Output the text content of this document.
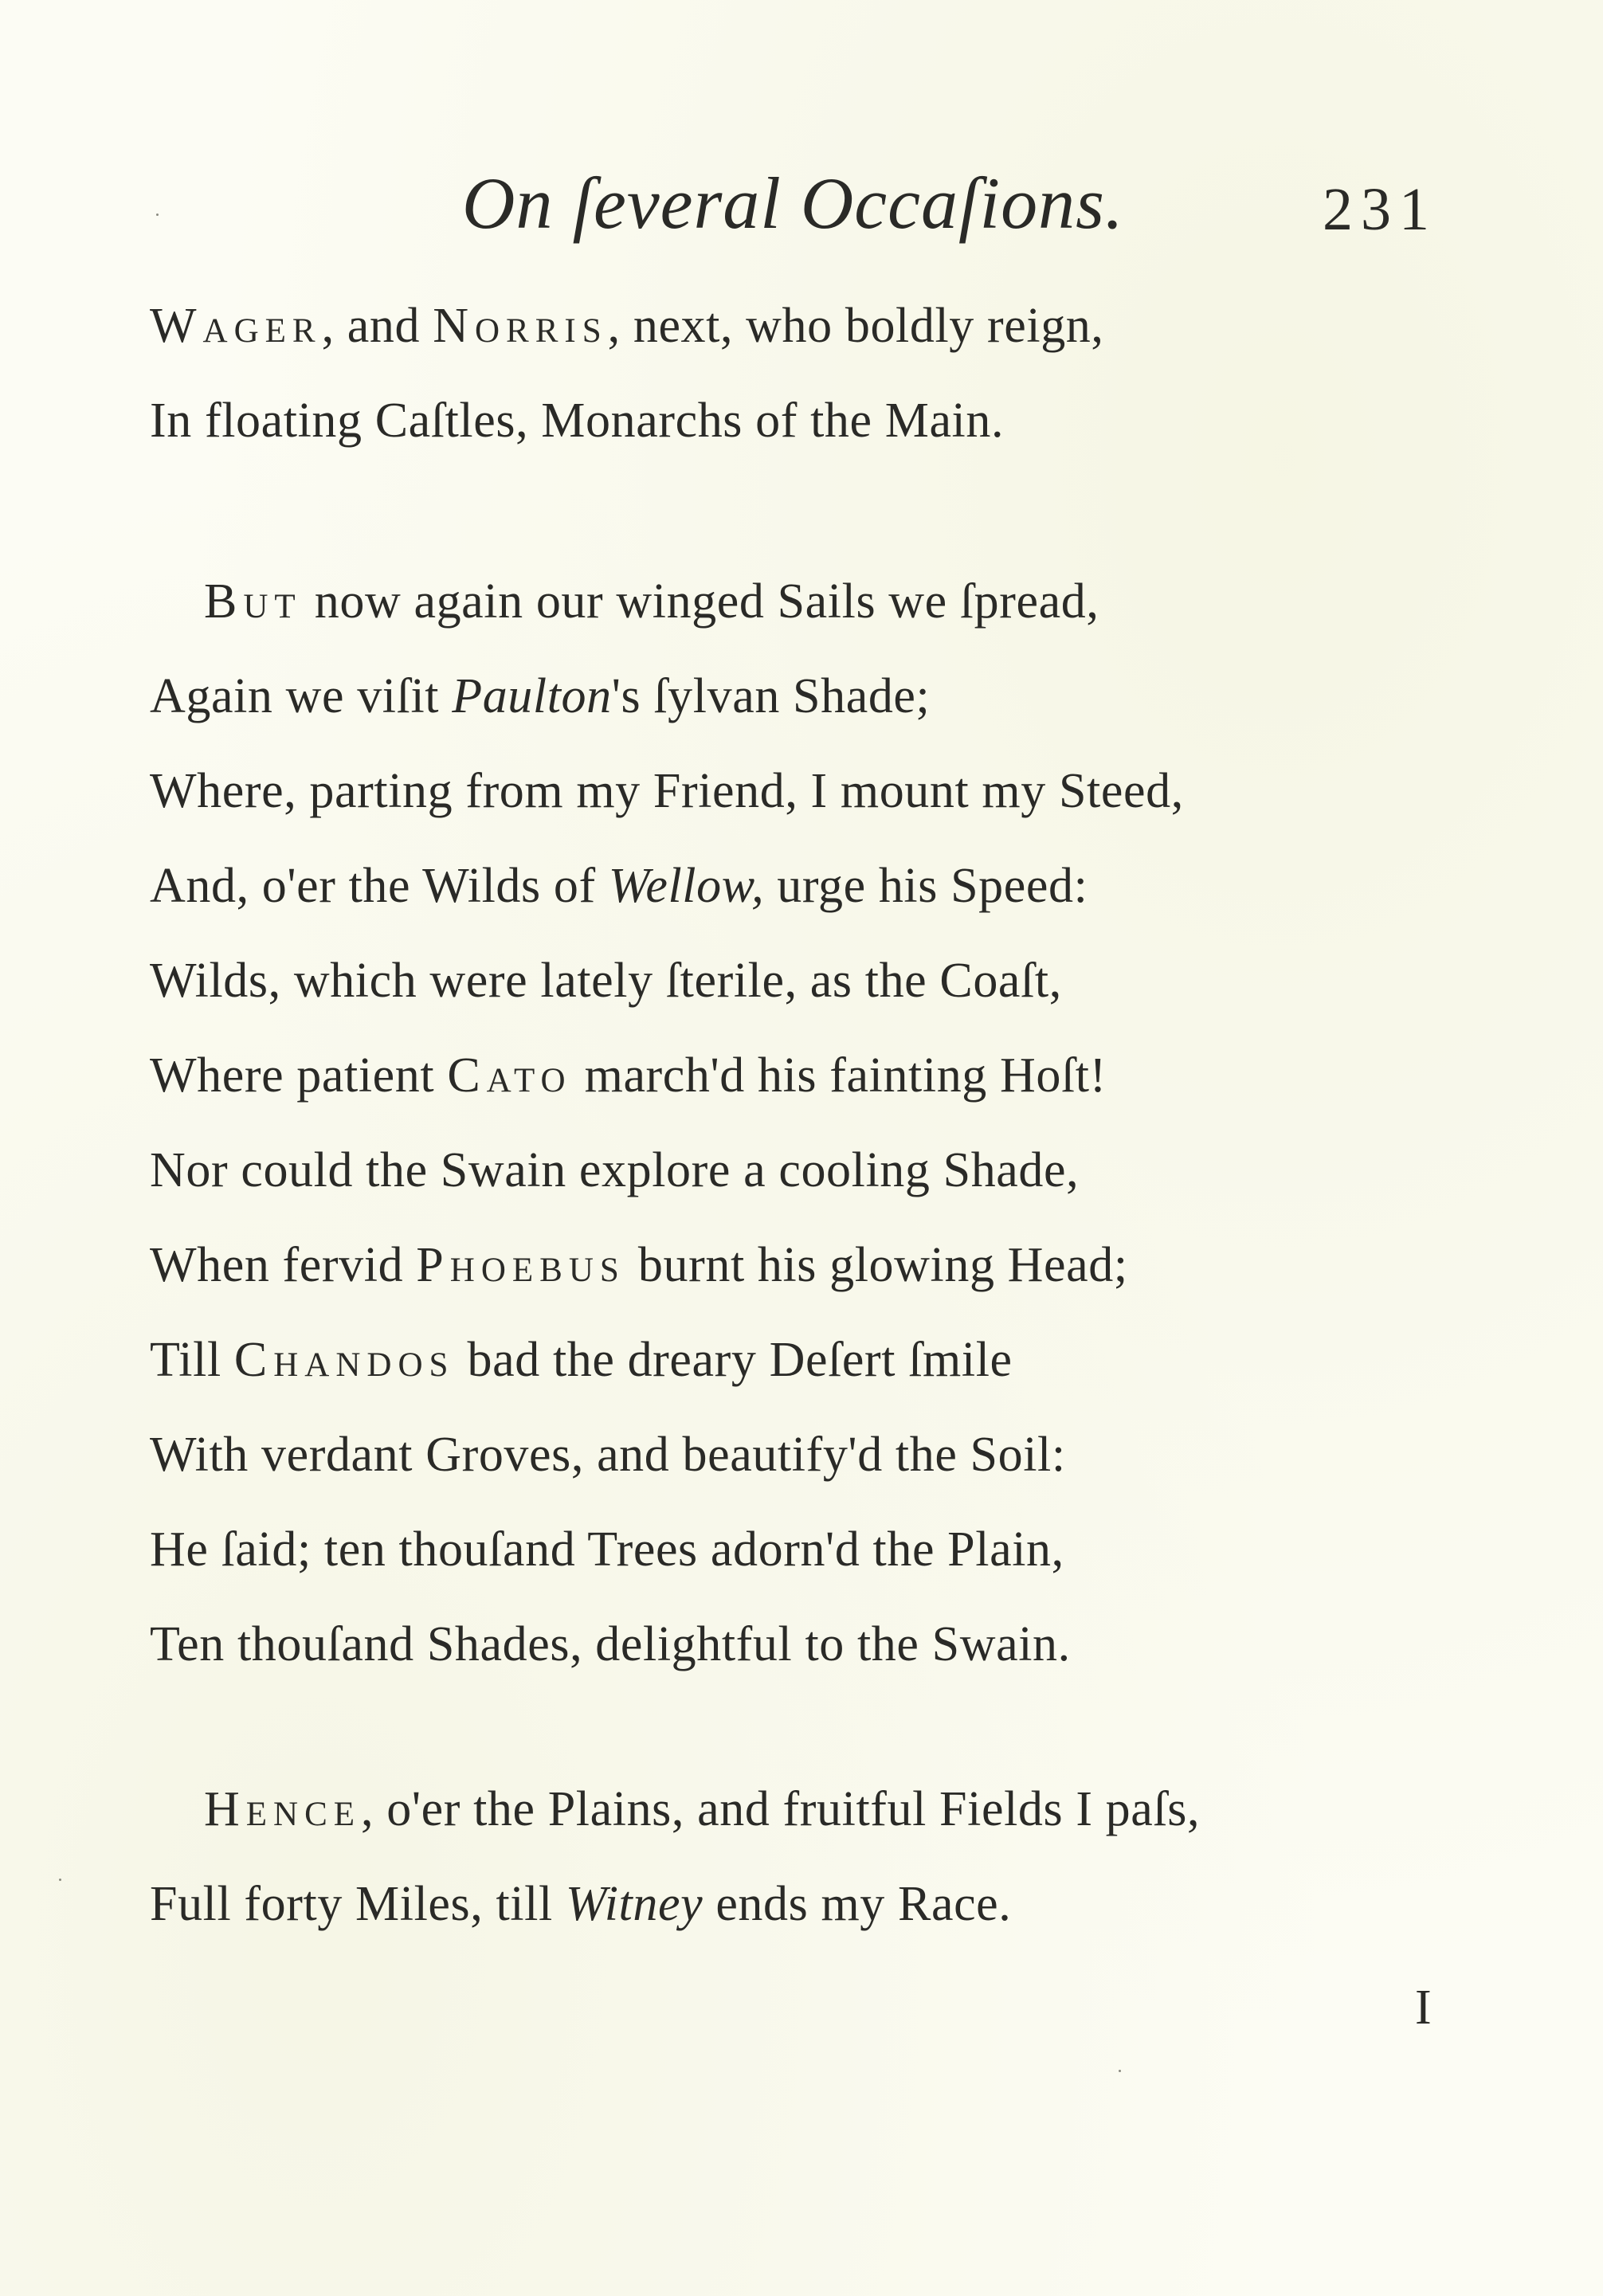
On ſeveral Occaſions.	231
Wager, and Norris, next, who boldly reign,
In floating Caſtles, Monarchs of the Main.
But now again our winged Sails we ſpread,
Again we viſit Paulton's ſylvan Shade;
Where, parting from my Friend, I mount my Steed,
And, o'er the Wilds of Wellow, urge his Speed:
Wilds, which were lately ſterile, as the Coaſt,
Where patient Cato march'd his fainting Hoſt!
Nor could the Swain explore a cooling Shade,
When fervid Phoebus burnt his glowing Head;
Till Chandos bad the dreary Deſert ſmile
With verdant Groves, and beautify'd the Soil:
He ſaid; ten thouſand Trees adorn'd the Plain,
Ten thouſand Shades, delightful to the Swain.
Hence, o'er the Plains, and fruitful Fields I paſs,
Full forty Miles, till Witney ends my Race.
I
